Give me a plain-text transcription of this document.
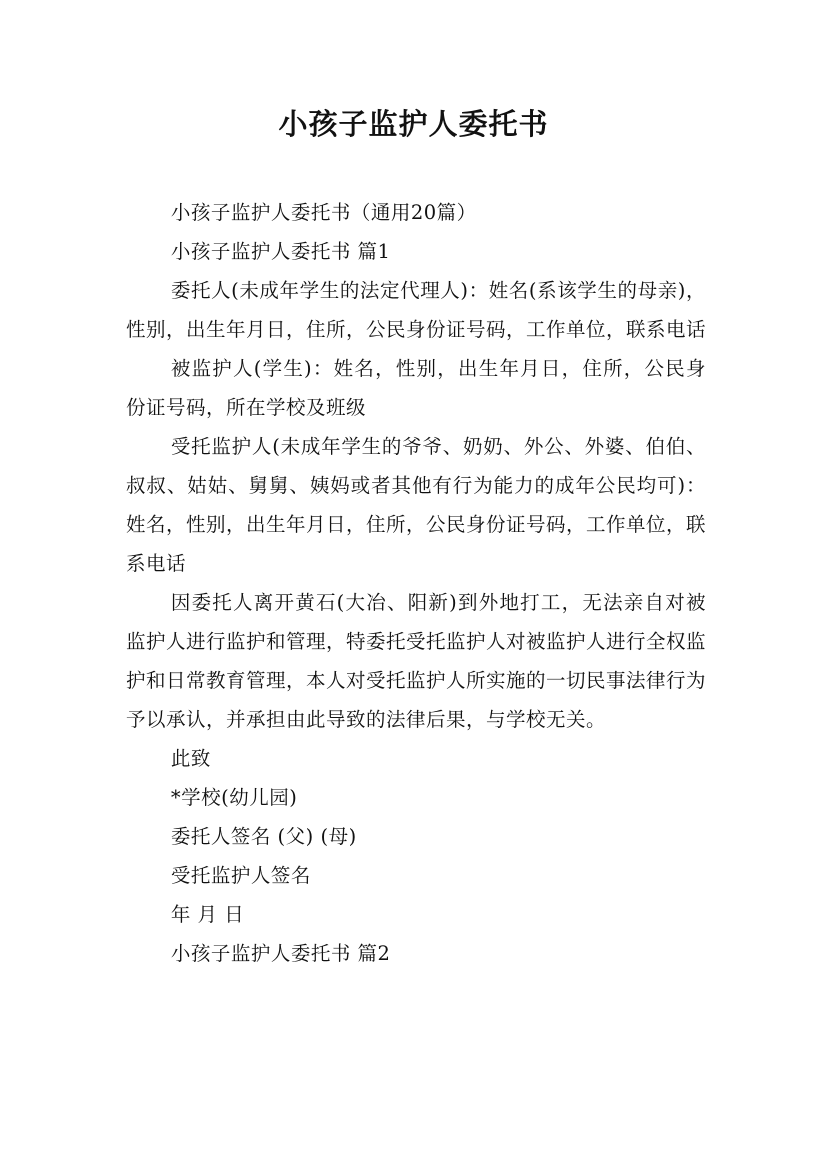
小孩子监护人委托书

小孩子监护人委托书（通用20篇）

小孩子监护人委托书 篇1

委托人(未成年学生的法定代理人)：姓名(系该学生的母亲)，性别，出生年月日，住所，公民身份证号码，工作单位，联系电话

被监护人(学生)：姓名，性别，出生年月日，住所，公民身份证号码，所在学校及班级

受托监护人(未成年学生的爷爷、奶奶、外公、外婆、伯伯、叔叔、姑姑、舅舅、姨妈或者其他有行为能力的成年公民均可)：姓名，性别，出生年月日，住所，公民身份证号码，工作单位，联系电话

因委托人离开黄石(大冶、阳新)到外地打工，无法亲自对被监护人进行监护和管理，特委托受托监护人对被监护人进行全权监护和日常教育管理，本人对受托监护人所实施的一切民事法律行为予以承认，并承担由此导致的法律后果，与学校无关。

此致

*学校(幼儿园)

委托人签名 (父) (母)

受托监护人签名

年 月 日

小孩子监护人委托书 篇2
